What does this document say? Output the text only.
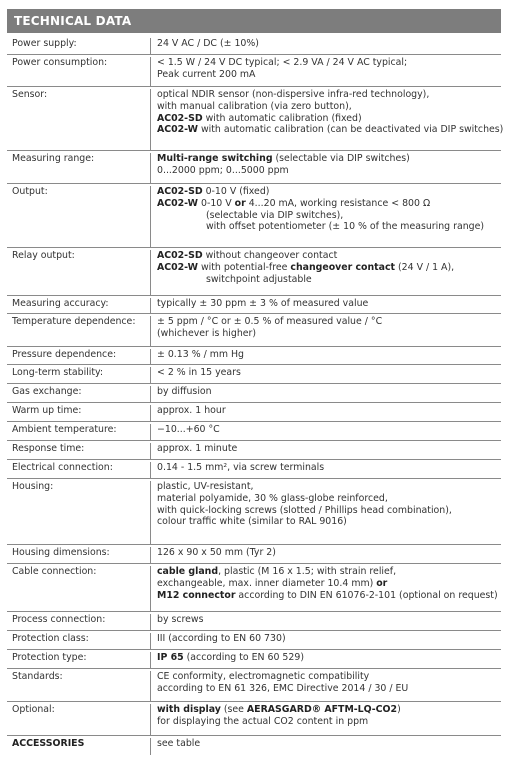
TECHNICAL DATA
Power supply:	24 V AC / DC (± 10%)
Power consumption:	< 1.5 W / 24 V DC typical; < 2.9 VA / 24 V AC typical;
Peak current 200 mA
Sensor:	optical NDIR sensor (non-dispersive infra-red technology),
with manual calibration (via zero button),
AC02-SD with automatic calibration (fixed)
AC02-W with automatic calibration (can be deactivated via DIP switches)
Measuring range:	Multi-range switching (selectable via DIP switches)
0...2000 ppm; 0...5000 ppm
Output:	AC02-SD 0-10 V (fixed)
AC02-W 0-10 V or 4...20 mA, working resistance < 800 Ω
(selectable via DIP switches),
with offset potentiometer (± 10 % of the measuring range)
Relay output:	AC02-SD without changeover contact
AC02-W with potential-free changeover contact (24 V / 1 A),
switchpoint adjustable
Measuring accuracy:	typically ± 30 ppm ± 3 % of measured value
Temperature dependence:	± 5 ppm / °C or ± 0.5 % of measured value / °C
(whichever is higher)
Pressure dependence:	± 0.13 % / mm Hg
Long-term stability:	< 2 % in 15 years
Gas exchange:	by diffusion
Warm up time:	approx. 1 hour
Ambient temperature:	−10...+60 °C
Response time:	approx. 1 minute
Electrical connection:	0.14 - 1.5 mm², via screw terminals
Housing:	plastic, UV-resistant,
material polyamide, 30 % glass-globe reinforced,
with quick-locking screws (slotted / Phillips head combination),
colour traffic white (similar to RAL 9016)
Housing dimensions:	126 x 90 x 50 mm (Tyr 2)
Cable connection:	cable gland, plastic (M 16 x 1.5; with strain relief,
exchangeable, max. inner diameter 10.4 mm) or
M12 connector according to DIN EN 61076-2-101 (optional on request)
Process connection:	by screws
Protection class:	III (according to EN 60 730)
Protection type:	IP 65 (according to EN 60 529)
Standards:	CE conformity, electromagnetic compatibility
according to EN 61 326, EMC Directive 2014 / 30 / EU
Optional:	with display (see AERASGARD® AFTM-LQ-CO2)
for displaying the actual CO2 content in ppm
ACCESSORIES	see table
